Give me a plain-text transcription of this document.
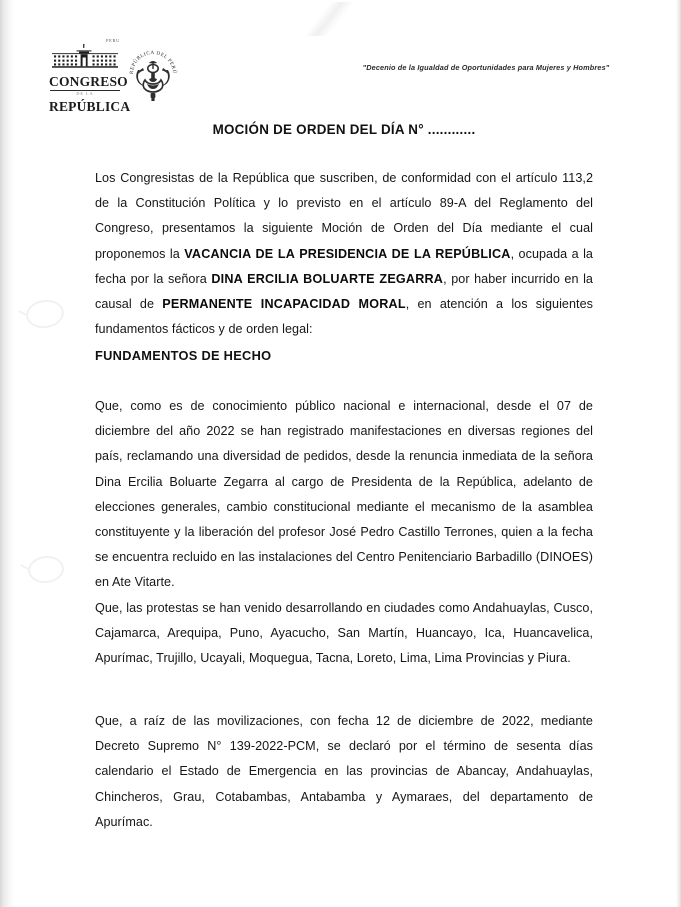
PERU
CONGRESO
DE LA
REPÚBLICA
REPÚBLICA DEL PERÚ	"Decenio de la Igualdad de Oportunidades para Mujeres y Hombres"
MOCIÓN DE ORDEN DEL DÍA N° ............
Los Congresistas de la República que suscriben, de conformidad con el artículo 113,2 de la Constitución Política y lo previsto en el artículo 89-A del Reglamento del Congreso, presentamos la siguiente Moción de Orden del Día mediante el cual proponemos la VACANCIA DE LA PRESIDENCIA DE LA REPÚBLICA, ocupada a la fecha por la señora DINA ERCILIA BOLUARTE ZEGARRA, por haber incurrido en la causal de PERMANENTE INCAPACIDAD MORAL, en atención a los siguientes fundamentos fácticos y de orden legal:
FUNDAMENTOS DE HECHO
Que, como es de conocimiento público nacional e internacional, desde el 07 de diciembre del año 2022 se han registrado manifestaciones en diversas regiones del país, reclamando una diversidad de pedidos, desde la renuncia inmediata de la señora Dina Ercilia Boluarte Zegarra al cargo de Presidenta de la República, adelanto de elecciones generales, cambio constitucional mediante el mecanismo de la asamblea constituyente y la liberación del profesor José Pedro Castillo Terrones, quien a la fecha se encuentra recluido en las instalaciones del Centro Penitenciario Barbadillo (DINOES) en Ate Vitarte.
Que, las protestas se han venido desarrollando en ciudades como Andahuaylas, Cusco, Cajamarca, Arequipa, Puno, Ayacucho, San Martín, Huancayo, Ica, Huancavelica, Apurímac, Trujillo, Ucayali, Moquegua, Tacna, Loreto, Lima, Lima Provincias y Piura.
Que, a raíz de las movilizaciones, con fecha 12 de diciembre de 2022, mediante Decreto Supremo N° 139-2022-PCM, se declaró por el término de sesenta días calendario el Estado de Emergencia en las provincias de Abancay, Andahuaylas, Chincheros, Grau, Cotabambas, Antabamba y Aymaraes, del departamento de Apurímac.
